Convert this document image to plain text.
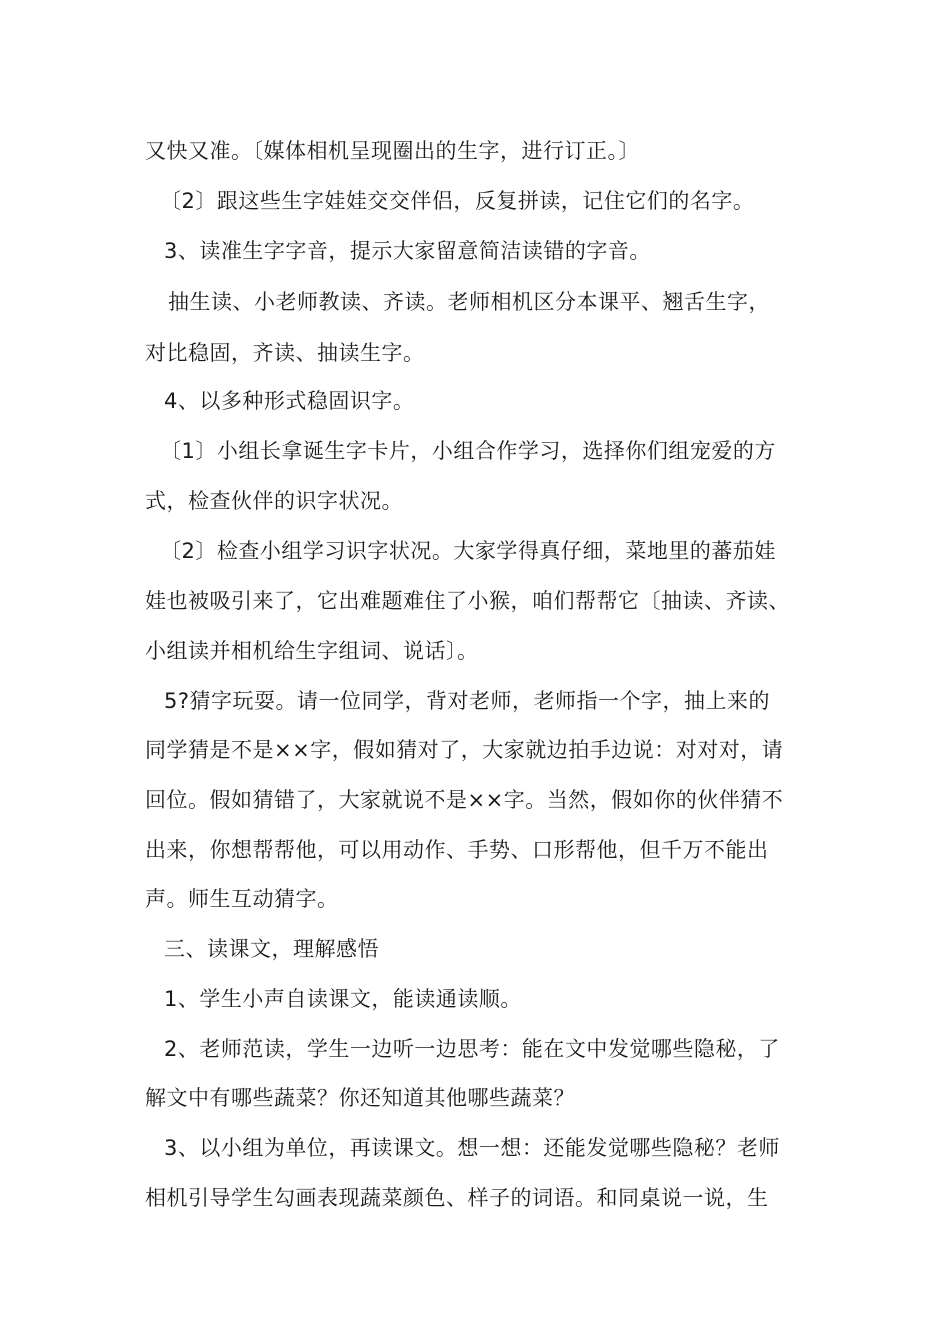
又快又准。〔媒体相机呈现圈出的生字，进行订正。〕
〔2〕跟这些生字娃娃交交伴侣，反复拼读，记住它们的名字。
3、读准生字字音，提示大家留意简洁读错的字音。
抽生读、小老师教读、齐读。老师相机区分本课平、翘舌生字，
对比稳固，齐读、抽读生字。
4、以多种形式稳固识字。
〔1〕小组长拿诞生字卡片，小组合作学习，选择你们组宠爱的方
式，检查伙伴的识字状况。
〔2〕检查小组学习识字状况。大家学得真仔细，菜地里的蕃茄娃
娃也被吸引来了，它出难题难住了小猴，咱们帮帮它〔抽读、齐读、
小组读并相机给生字组词、说话〕。
5?猜字玩耍。请一位同学，背对老师，老师指一个字，抽上来的
同学猜是不是××字，假如猜对了，大家就边拍手边说：对对对，请
回位。假如猜错了，大家就说不是××字。当然，假如你的伙伴猜不
出来，你想帮帮他，可以用动作、手势、口形帮他，但千万不能出
声。师生互动猜字。
三、读课文，理解感悟
1、学生小声自读课文，能读通读顺。
2、老师范读，学生一边听一边思考：能在文中发觉哪些隐秘，了
解文中有哪些蔬菜？你还知道其他哪些蔬菜？
3、以小组为单位，再读课文。想一想：还能发觉哪些隐秘？老师
相机引导学生勾画表现蔬菜颜色、样子的词语。和同桌说一说，生
